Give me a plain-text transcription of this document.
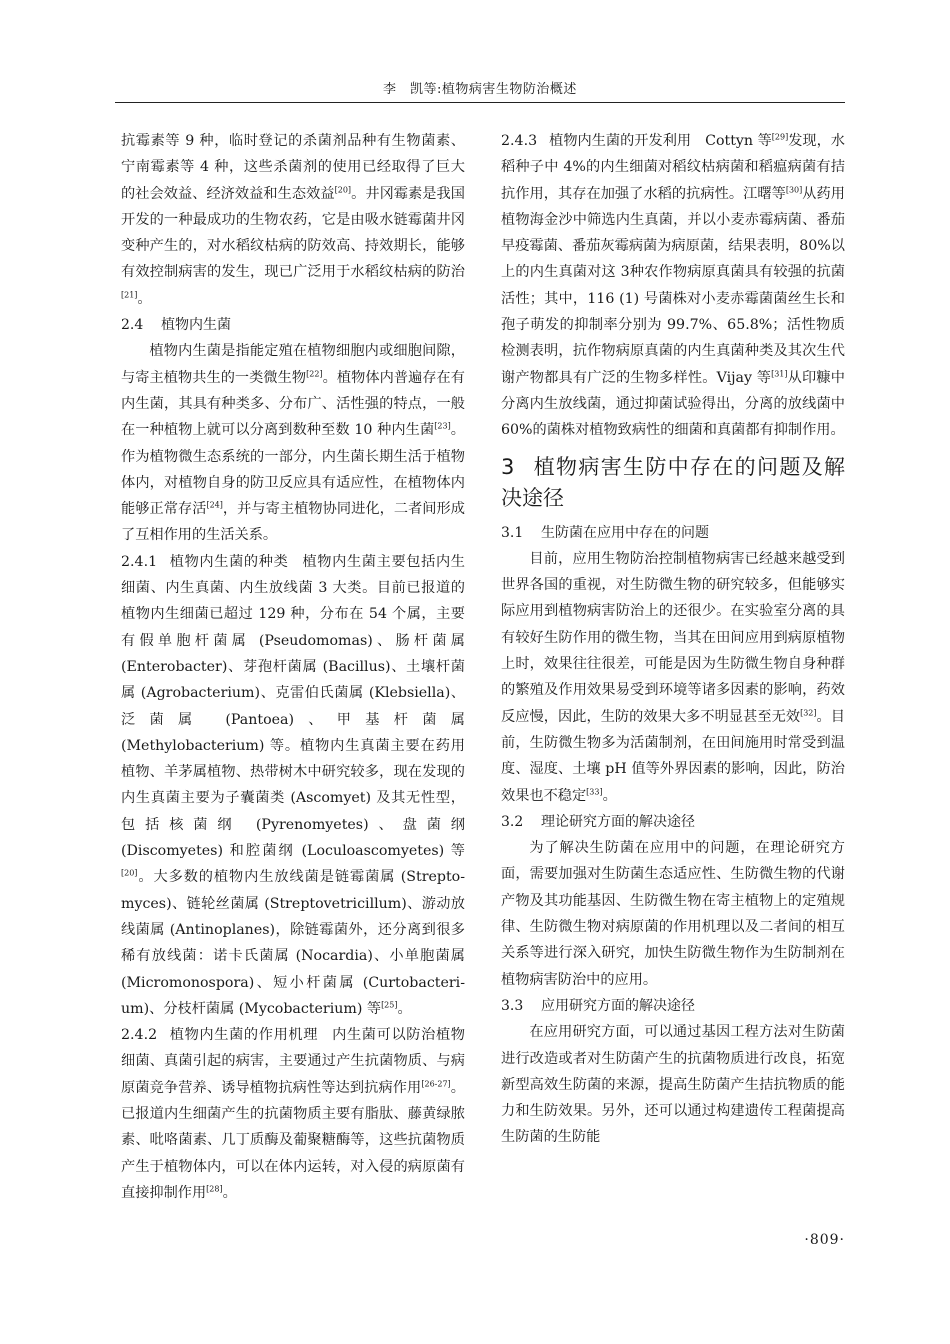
李　凯等:植物病害生物防治概述

抗霉素等 9 种，临时登记的杀菌剂品种有生物菌素、宁南霉素等 4 种，这些杀菌剂的使用已经取得了巨大的社会效益、经济效益和生态效益[20]。井冈霉素是我国开发的一种最成功的生物农药，它是由吸水链霉菌井冈变种产生的，对水稻纹枯病的防效高、持效期长，能够有效控制病害的发生，现已广泛用于水稻纹枯病的防治[21]。

2.4 植物内生菌

植物内生菌是指能定殖在植物细胞内或细胞间隙，与寄主植物共生的一类微生物[22]。植物体内普遍存在有内生菌，其具有种类多、分布广、活性强的特点，一般在一种植物上就可以分离到数种至数 10 种内生菌[23]。作为植物微生态系统的一部分，内生菌长期生活于植物体内，对植物自身的防卫反应具有适应性，在植物体内能够正常存活[24]，并与寄主植物协同进化，二者间形成了互相作用的生活关系。

2.4.1 植物内生菌的种类 植物内生菌主要包括内生细菌、内生真菌、内生放线菌 3 大类。目前已报道的植物内生细菌已超过 129 种，分布在 54 个属，主要有假单胞杆菌属 (Pseudomomas)、肠杆菌属 (Enterobacter)、芽孢杆菌属 (Bacillus)、土壤杆菌属 (Agrobacterium)、克雷伯氏菌属 (Klebsiella)、泛菌属 (Pantoea)、甲基杆菌属 (Methylobacterium) 等。植物内生真菌主要在药用植物、羊茅属植物、热带树木中研究较多，现在发现的内生真菌主要为子囊菌类 (Ascomyet) 及其无性型，包括核菌纲 (Pyrenomyetes)、盘菌纲 (Discomyetes) 和腔菌纲 (Loculoascomyetes) 等[20]。大多数的植物内生放线菌是链霉菌属 (Strepto-myces)、链轮丝菌属 (Streptovetricillum)、游动放线菌属 (Antinoplanes)，除链霉菌外，还分离到很多稀有放线菌：诺卡氏菌属 (Nocardia)、小单胞菌属 (Micromonospora)、短小杆菌属 (Curtobacteri-um)、分枝杆菌属 (Mycobacterium) 等[25]。

2.4.2 植物内生菌的作用机理 内生菌可以防治植物细菌、真菌引起的病害，主要通过产生抗菌物质、与病原菌竞争营养、诱导植物抗病性等达到抗病作用[26-27]。已报道内生细菌产生的抗菌物质主要有脂肽、藤黄绿脓素、吡咯菌素、几丁质酶及葡聚糖酶等，这些抗菌物质产生于植物体内，可以在体内运转，对入侵的病原菌有直接抑制作用[28]。

2.4.3 植物内生菌的开发利用 Cottyn 等[29]发现，水稻种子中 4%的内生细菌对稻纹枯病菌和稻瘟病菌有拮抗作用，其存在加强了水稻的抗病性。江曙等[30]从药用植物海金沙中筛选内生真菌，并以小麦赤霉病菌、番茄早疫霉菌、番茄灰霉病菌为病原菌，结果表明，80%以上的内生真菌对这 3种农作物病原真菌具有较强的抗菌活性；其中，116 (1) 号菌株对小麦赤霉菌菌丝生长和孢子萌发的抑制率分别为 99.7%、65.8%；活性物质检测表明，抗作物病原真菌的内生真菌种类及其次生代谢产物都具有广泛的生物多样性。Vijay 等[31]从印糠中分离内生放线菌，通过抑菌试验得出，分离的放线菌中 60%的菌株对植物致病性的细菌和真菌都有抑制作用。

3 植物病害生防中存在的问题及解决途径

3.1 生防菌在应用中存在的问题

目前，应用生物防治控制植物病害已经越来越受到世界各国的重视，对生防微生物的研究较多，但能够实际应用到植物病害防治上的还很少。在实验室分离的具有较好生防作用的微生物，当其在田间应用到病原植物上时，效果往往很差，可能是因为生防微生物自身种群的繁殖及作用效果易受到环境等诸多因素的影响，药效反应慢，因此，生防的效果大多不明显甚至无效[32]。目前，生防微生物多为活菌制剂，在田间施用时常受到温度、湿度、土壤 pH 值等外界因素的影响，因此，防治效果也不稳定[33]。

3.2 理论研究方面的解决途径

为了解决生防菌在应用中的问题，在理论研究方面，需要加强对生防菌生态适应性、生防微生物的代谢产物及其功能基因、生防微生物在寄主植物上的定殖规律、生防微生物对病原菌的作用机理以及二者间的相互关系等进行深入研究，加快生防微生物作为生防制剂在植物病害防治中的应用。

3.3 应用研究方面的解决途径

在应用研究方面，可以通过基因工程方法对生防菌进行改造或者对生防菌产生的抗菌物质进行改良，拓宽新型高效生防菌的来源，提高生防菌产生拮抗物质的能力和生防效果。另外，还可以通过构建遗传工程菌提高生防菌的生防能

·809·
